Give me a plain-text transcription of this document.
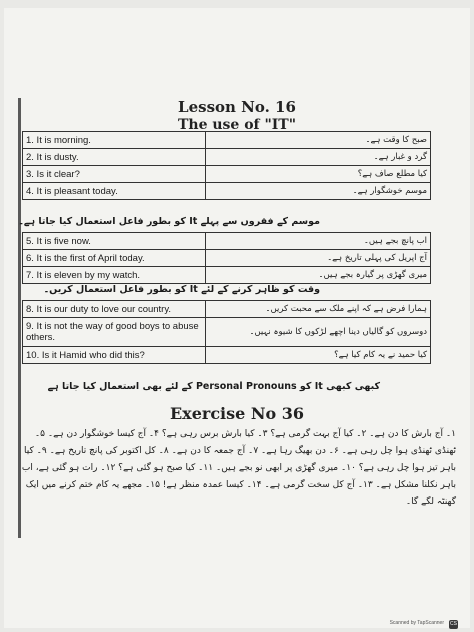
Lesson No. 16
The use of "IT"
1. It is morning.	صبح کا وقت ہے۔
2. It is dusty.	گرد و غبار ہے۔
3. Is it clear?	کیا مطلع صاف ہے؟
4. It is pleasant today.	موسم خوشگوار ہے۔
موسم کے فقروں سے پہلے It کو بطور فاعل استعمال کیا جاتا ہے۔
5. It is five now.	اب پانچ بجے ہیں۔
6. It is the first of April today.	آج اپریل کی پہلی تاریخ ہے۔
7. It is eleven by my watch.	میری گھڑی پر گیارہ بجے ہیں۔
وقت کو ظاہر کرنے کے لئے It کو بطور فاعل استعمال کریں۔
8. It is our duty to love our country.	ہمارا فرض ہے کہ اپنے ملک سے محبت کریں۔
9. It is not the way of good boys to abuse others.	دوسروں کو گالیاں دینا اچھے لڑکوں کا شیوہ نہیں۔
10. Is it Hamid who did this?	کیا حمید نے یہ کام کیا ہے؟
کبھی کبھی It کو Personal Pronouns کے لئے بھی استعمال کیا جاتا ہے
Exercise No 36
۱۔ آج بارش کا دن ہے۔ ۲۔ کیا آج بہت گرمی ہے؟ ۳۔ کیا بارش برس رہی ہے؟ ۴۔ آج کیسا خوشگوار دن ہے۔ ۵۔ ٹھنڈی ٹھنڈی ہوا چل رہی ہے۔ ۶۔ دن بھیگ رہا ہے۔ ۷۔ آج جمعہ کا دن ہے۔ ۸۔ کل اکتوبر کی پانچ تاریخ ہے۔ ۹۔ کیا باہر تیز ہوا چل رہی ہے؟ ۱۰۔ میری گھڑی پر ابھی نو بجے ہیں۔ ۱۱۔ کیا صبح ہو گئی ہے؟ ۱۲۔ رات ہو گئی ہے، اب باہر نکلنا مشکل ہے۔ ۱۳۔ آج کل سخت گرمی ہے۔ ۱۴۔ کیسا عمدہ منظر ہے! ۱۵۔ مجھے یہ کام ختم کرنے میں ایک گھنٹہ لگے گا۔
Scanned by TapScanner CS
